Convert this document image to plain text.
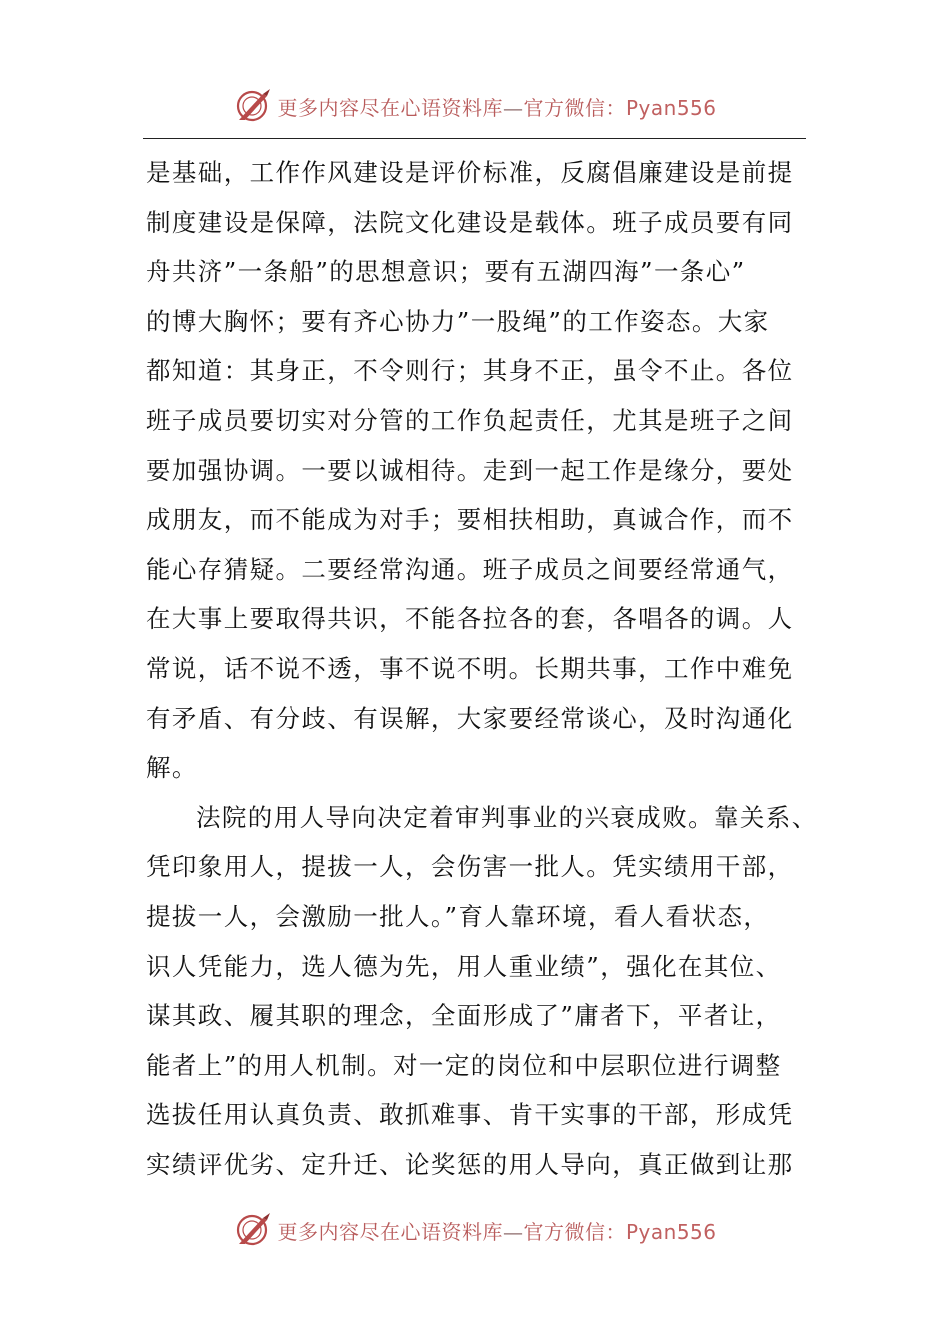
更多内容尽在心语资料库—官方微信：Pyan556
是基础，工作作风建设是评价标准，反腐倡廉建设是前提
制度建设是保障，法院文化建设是载体。班子成员要有同
舟共济”一条船”的思想意识；要有五湖四海”一条心”
的博大胸怀；要有齐心协力”一股绳”的工作姿态。大家
都知道：其身正，不令则行；其身不正，虽令不止。各位
班子成员要切实对分管的工作负起责任，尤其是班子之间
要加强协调。一要以诚相待。走到一起工作是缘分，要处
成朋友，而不能成为对手；要相扶相助，真诚合作，而不
能心存猜疑。二要经常沟通。班子成员之间要经常通气，
在大事上要取得共识，不能各拉各的套，各唱各的调。人
常说，话不说不透，事不说不明。长期共事，工作中难免
有矛盾、有分歧、有误解，大家要经常谈心，及时沟通化
解。
法院的用人导向决定着审判事业的兴衰成败。靠关系、
凭印象用人，提拔一人，会伤害一批人。凭实绩用干部，
提拔一人，会激励一批人。”育人靠环境，看人看状态，
识人凭能力，选人德为先，用人重业绩”，强化在其位、
谋其政、履其职的理念，全面形成了”庸者下，平者让，
能者上”的用人机制。对一定的岗位和中层职位进行调整
选拔任用认真负责、敢抓难事、肯干实事的干部，形成凭
实绩评优劣、定升迁、论奖惩的用人导向，真正做到让那
更多内容尽在心语资料库—官方微信：Pyan556
